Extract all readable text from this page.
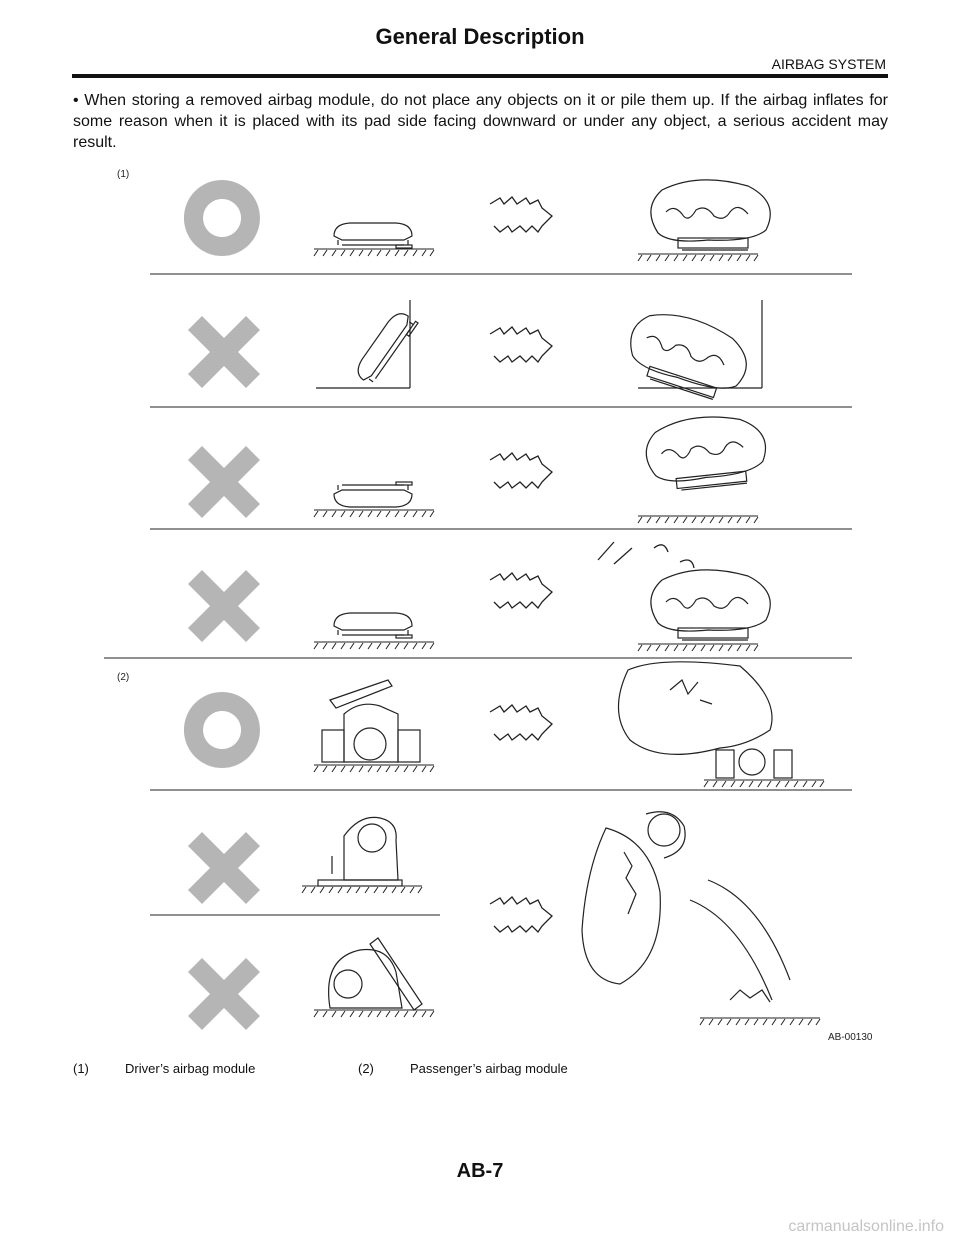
General Description
AIRBAG SYSTEM

• When storing a removed airbag module, do not place any objects on it or pile them up. If the airbag inflates for some reason when it is placed with its pad side facing downward or under any object, a serious accident may result.

(1)
(2)
AB-00130
(1)	Driver’s airbag module	(2)	Passenger’s airbag module
AB-7
carmanualsonline.info
